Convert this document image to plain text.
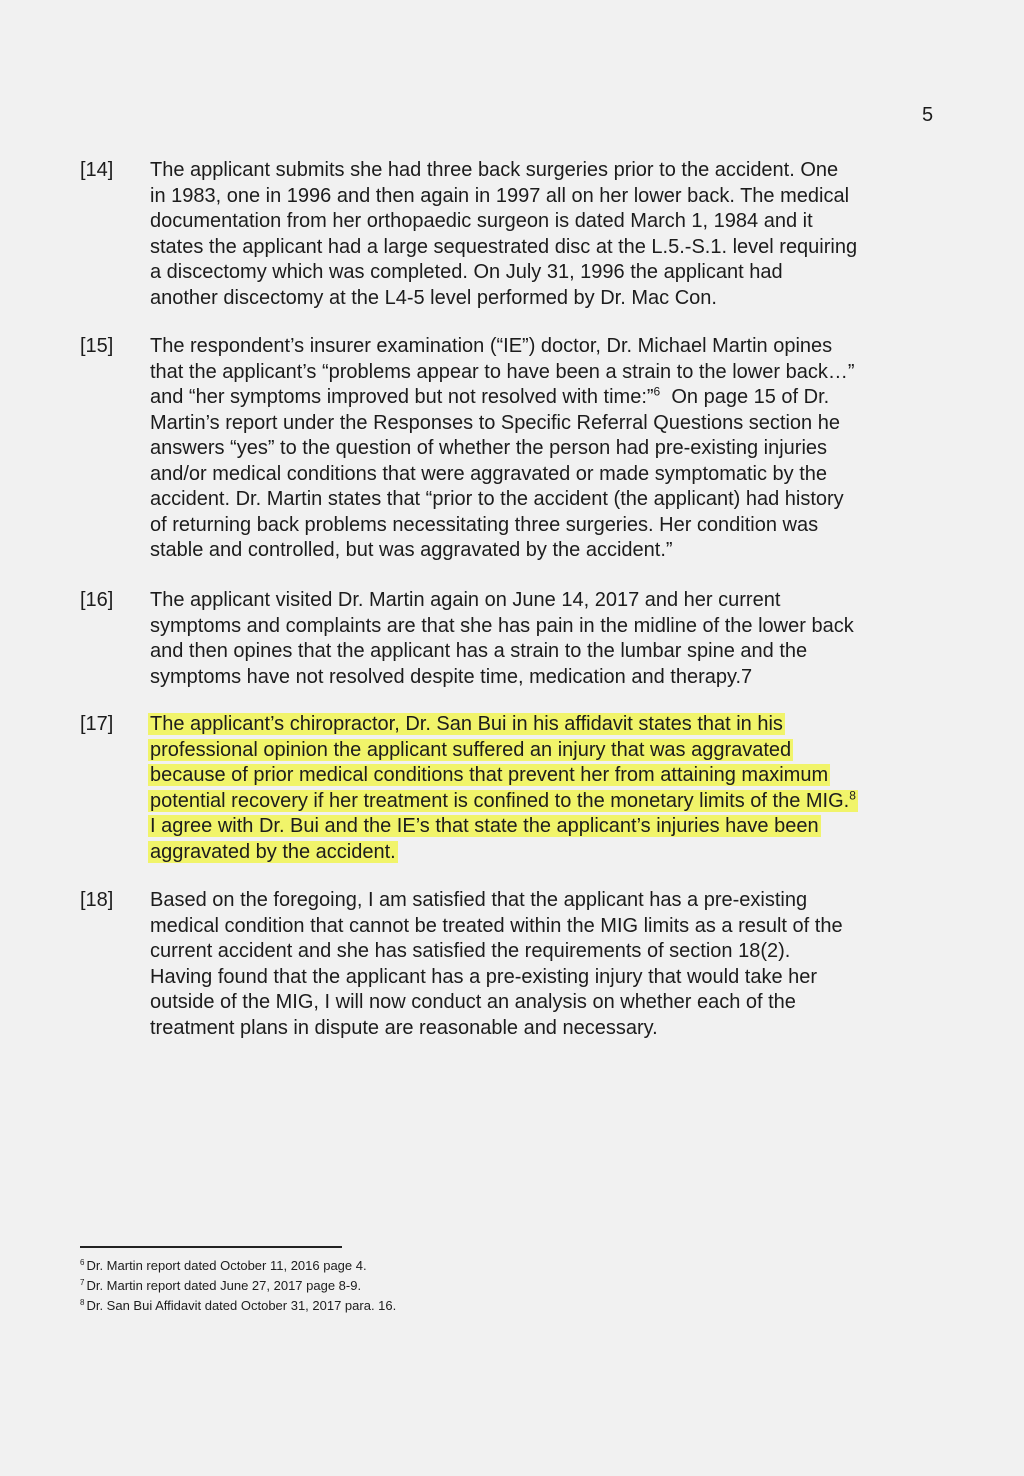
5
[14]	The applicant submits she had three back surgeries prior to the accident. One
in 1983, one in 1996 and then again in 1997 all on her lower back. The medical
documentation from her orthopaedic surgeon is dated March 1, 1984 and it
states the applicant had a large sequestrated disc at the L.5.-S.1. level requiring
a discectomy which was completed. On July 31, 1996 the applicant had
another discectomy at the L4-5 level performed by Dr. Mac Con.
[15]	The respondent’s insurer examination (“IE”) doctor, Dr. Michael Martin opines
that the applicant’s “problems appear to have been a strain to the lower back…”
and “her symptoms improved but not resolved with time:”$^6$  On page 15 of Dr.
Martin’s report under the Responses to Specific Referral Questions section he
answers “yes” to the question of whether the person had pre-existing injuries
and/or medical conditions that were aggravated or made symptomatic by the
accident. Dr. Martin states that “prior to the accident (the applicant) had history
of returning back problems necessitating three surgeries. Her condition was
stable and controlled, but was aggravated by the accident.”
[16]	The applicant visited Dr. Martin again on June 14, 2017 and her current
symptoms and complaints are that she has pain in the midline of the lower back
and then opines that the applicant has a strain to the lumbar spine and the
symptoms have not resolved despite time, medication and therapy.7
[17]	The applicant’s chiropractor, Dr. San Bui in his affidavit states that in his
professional opinion the applicant suffered an injury that was aggravated
because of prior medical conditions that prevent her from attaining maximum
potential recovery if her treatment is confined to the monetary limits of the MIG.$^8$
I agree with Dr. Bui and the IE’s that state the applicant’s injuries have been
aggravated by the accident.
[18]	Based on the foregoing, I am satisfied that the applicant has a pre-existing
medical condition that cannot be treated within the MIG limits as a result of the
current accident and she has satisfied the requirements of section 18(2).
Having found that the applicant has a pre-existing injury that would take her
outside of the MIG, I will now conduct an analysis on whether each of the
treatment plans in dispute are reasonable and necessary.
$^6$ Dr. Martin report dated October 11, 2016 page 4.
$^7$ Dr. Martin report dated June 27, 2017 page 8-9.
$^8$ Dr. San Bui Affidavit dated October 31, 2017 para. 16.
